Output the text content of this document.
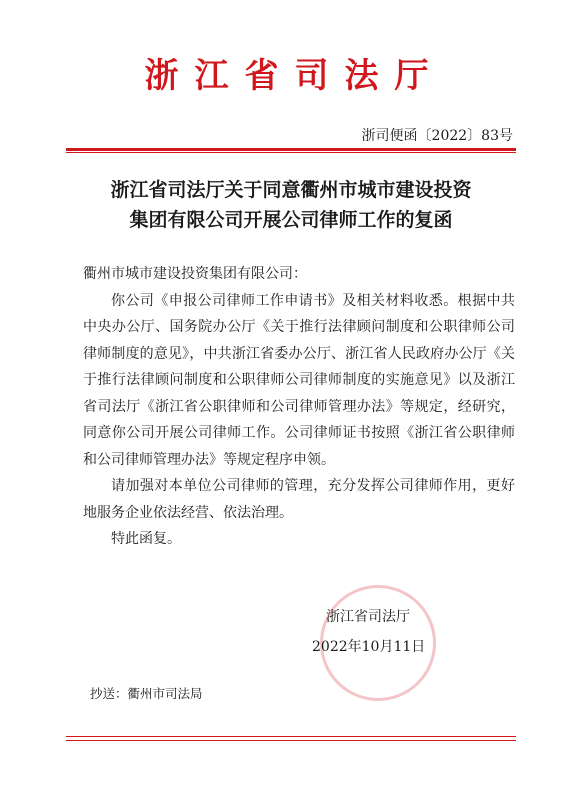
浙江省司法厅
浙司便函〔2022〕83号
浙江省司法厅关于同意衢州市城市建设投资
集团有限公司开展公司律师工作的复函

衢州市城市建设投资集团有限公司：

你公司《申报公司律师工作申请书》及相关材料收悉。根据中共中央办公厅、国务院办公厅《关于推行法律顾问制度和公职律师公司律师制度的意见》，中共浙江省委办公厅、浙江省人民政府办公厅《关于推行法律顾问制度和公职律师公司律师制度的实施意见》以及浙江省司法厅《浙江省公职律师和公司律师管理办法》等规定，经研究，同意你公司开展公司律师工作。公司律师证书按照《浙江省公职律师和公司律师管理办法》等规定程序申领。

请加强对本单位公司律师的管理，充分发挥公司律师作用，更好地服务企业依法经营、依法治理。

特此函复。

浙江省司法厅
2022年10月11日
抄送：衢州市司法局
